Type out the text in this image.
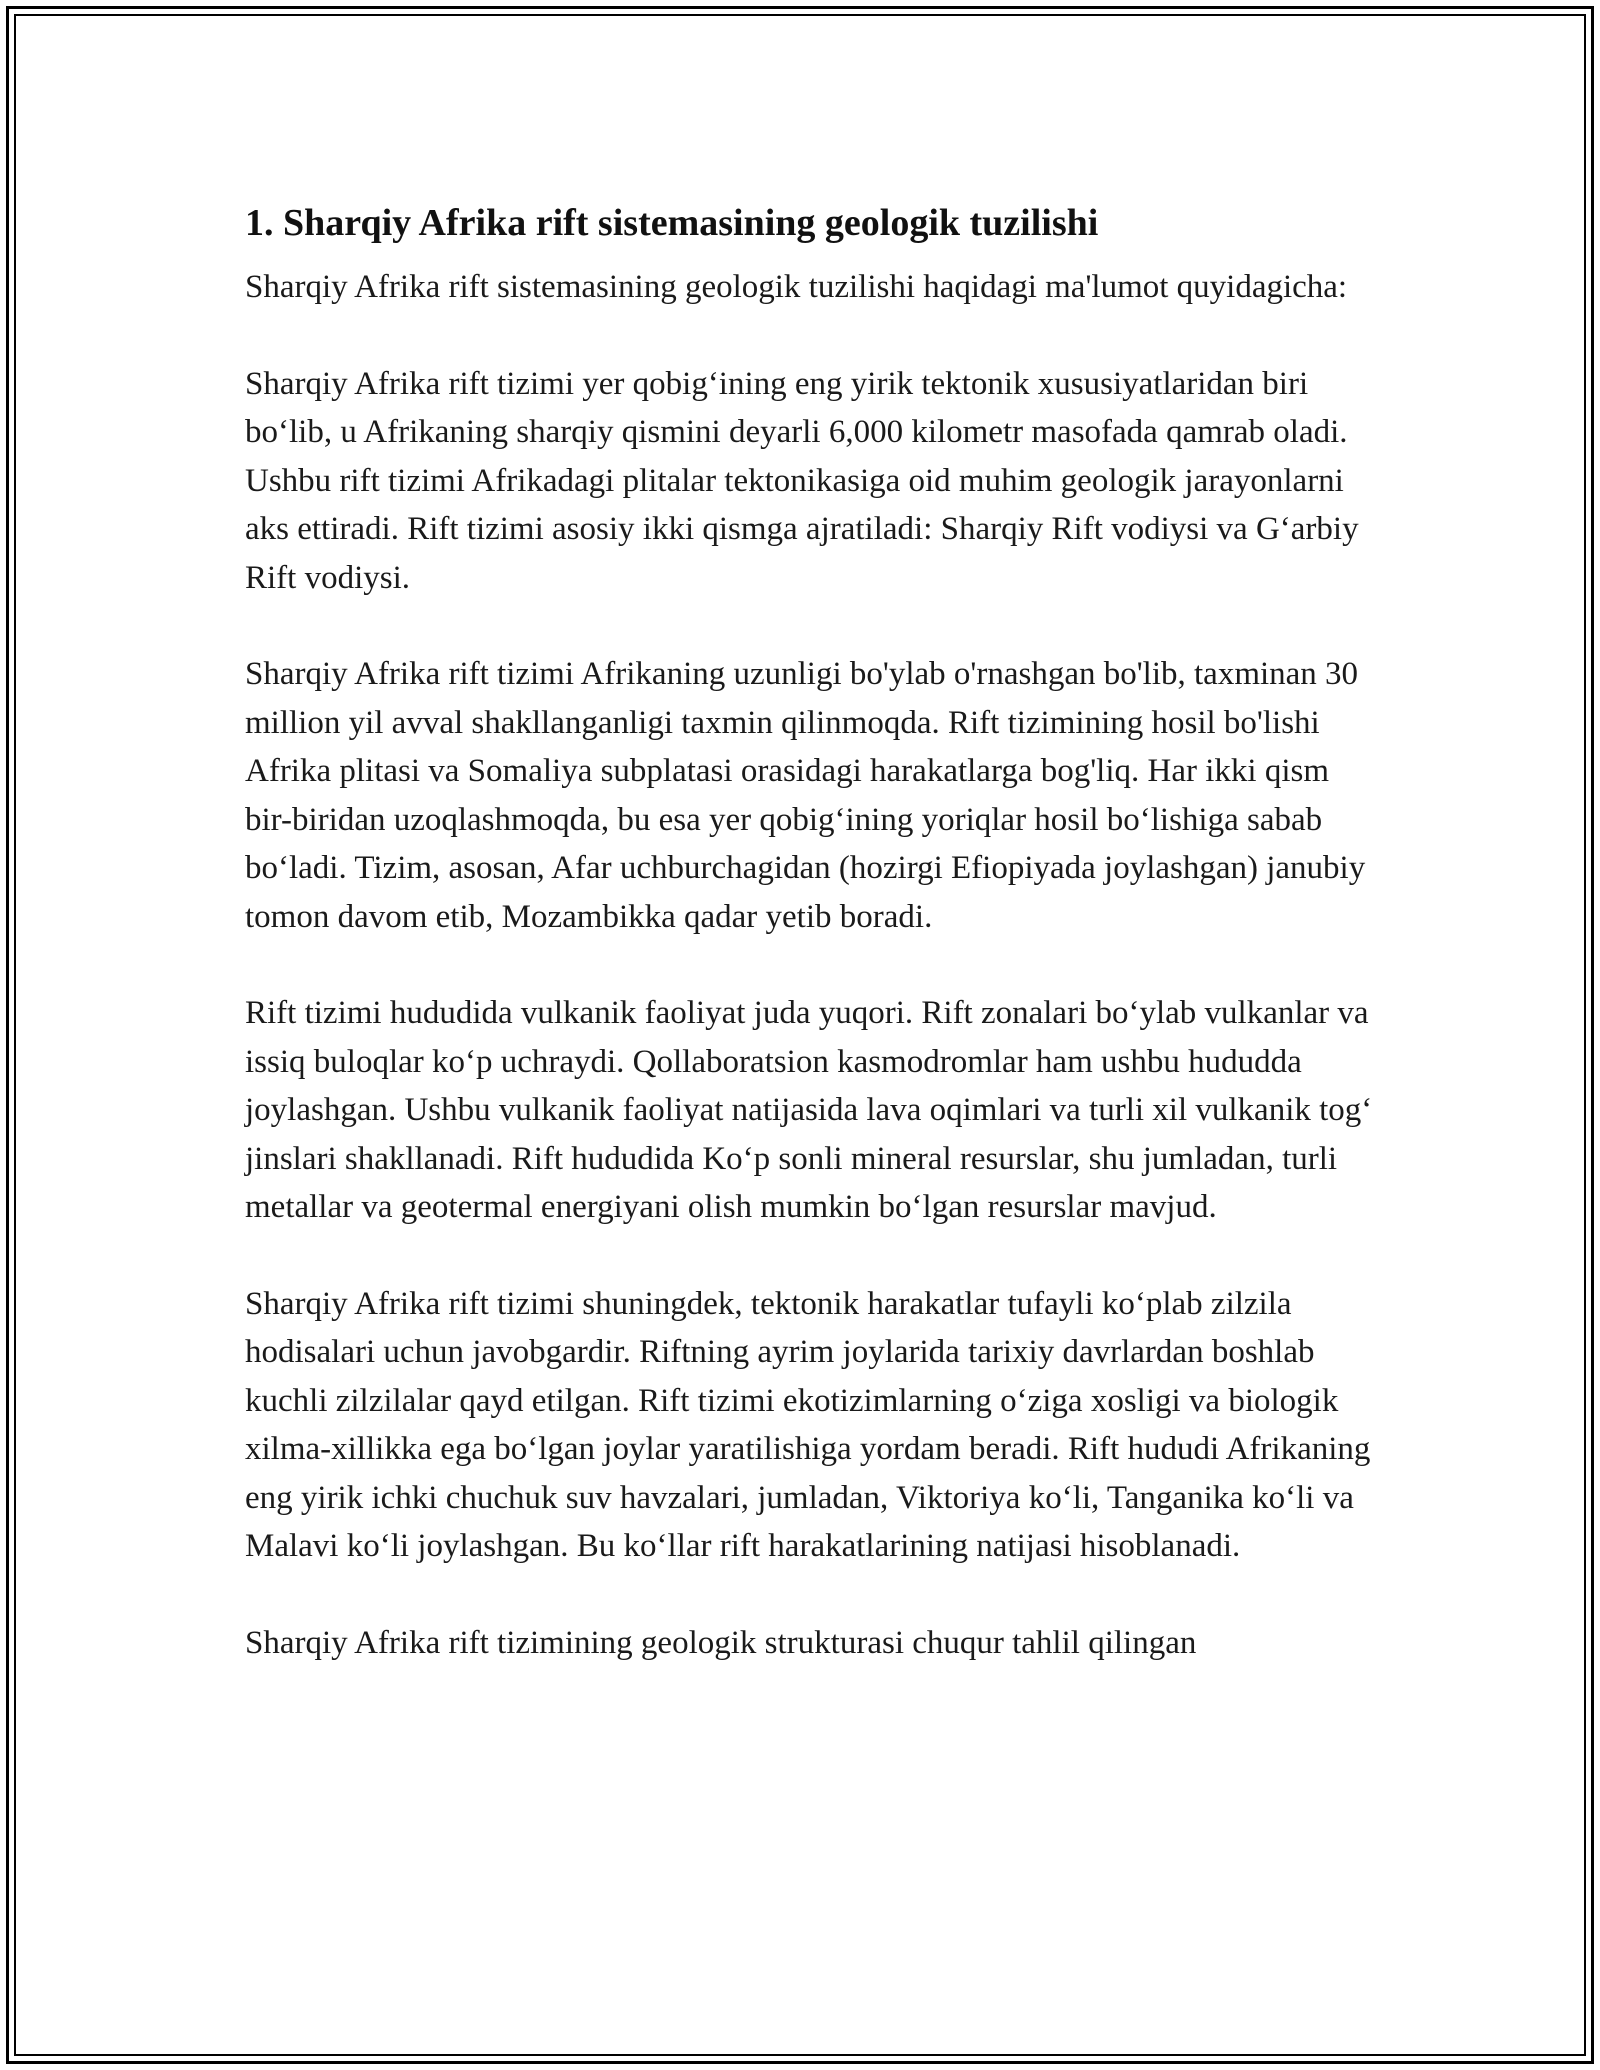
1. Sharqiy Afrika rift sistemasining geologik tuzilishi

Sharqiy Afrika rift sistemasining geologik tuzilishi haqidagi ma'lumot quyidagicha:

Sharqiy Afrika rift tizimi yer qobig‘ining eng yirik tektonik xususiyatlaridan biri bo‘lib, u Afrikaning sharqiy qismini deyarli 6,000 kilometr masofada qamrab oladi. Ushbu rift tizimi Afrikadagi plitalar tektonikasiga oid muhim geologik jarayonlarni aks ettiradi. Rift tizimi asosiy ikki qismga ajratiladi: Sharqiy Rift vodiysi va G‘arbiy Rift vodiysi.

Sharqiy Afrika rift tizimi Afrikaning uzunligi bo'ylab o'rnashgan bo'lib, taxminan 30 million yil avval shakllanganligi taxmin qilinmoqda. Rift tizimining hosil bo'lishi Afrika plitasi va Somaliya subplatasi orasidagi harakatlarga bog'liq. Har ikki qism bir-biridan uzoqlashmoqda, bu esa yer qobig‘ining yoriqlar hosil bo‘lishiga sabab bo‘ladi. Tizim, asosan, Afar uchburchagidan (hozirgi Efiopiyada joylashgan) janubiy tomon davom etib, Mozambikka qadar yetib boradi.

Rift tizimi hududida vulkanik faoliyat juda yuqori. Rift zonalari bo‘ylab vulkanlar va issiq buloqlar ko‘p uchraydi. Qollaboratsion kasmodromlar ham ushbu hududda joylashgan. Ushbu vulkanik faoliyat natijasida lava oqimlari va turli xil vulkanik tog‘ jinslari shakllanadi. Rift hududida Ko‘p sonli mineral resurslar, shu jumladan, turli metallar va geotermal energiyani olish mumkin bo‘lgan resurslar mavjud.

Sharqiy Afrika rift tizimi shuningdek, tektonik harakatlar tufayli ko‘plab zilzila hodisalari uchun javobgardir. Riftning ayrim joylarida tarixiy davrlardan boshlab kuchli zilzilalar qayd etilgan. Rift tizimi ekotizimlarning o‘ziga xosligi va biologik xilma-xillikka ega bo‘lgan joylar yaratilishiga yordam beradi. Rift hududi Afrikaning eng yirik ichki chuchuk suv havzalari, jumladan, Viktoriya ko‘li, Tanganika ko‘li va Malavi ko‘li joylashgan. Bu ko‘llar rift harakatlarining natijasi hisoblanadi.

Sharqiy Afrika rift tizimining geologik strukturasi chuqur tahlil qilingan
